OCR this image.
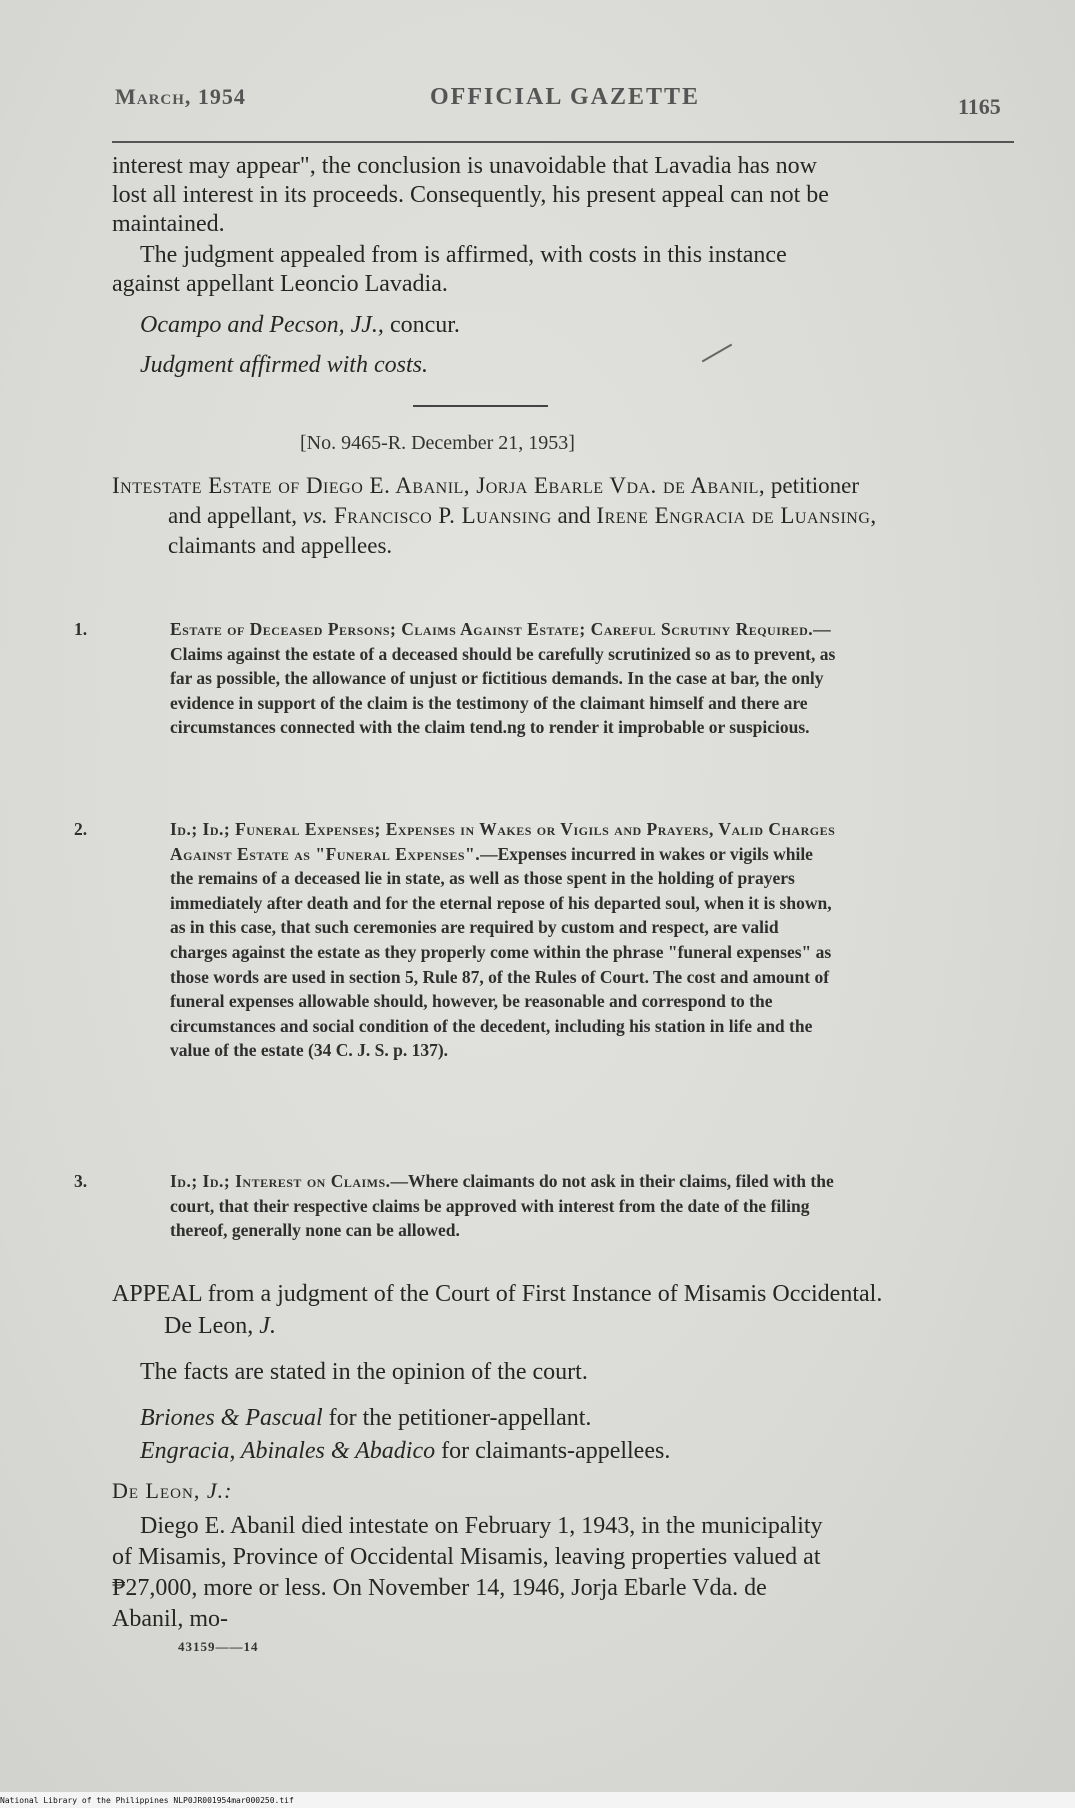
March, 1954	OFFICIAL GAZETTE	1165

interest may appear", the conclusion is unavoidable that Lavadia has now lost all interest in its proceeds. Consequently, his present appeal can not be maintained.

The judgment appealed from is affirmed, with costs in this instance against appellant Leoncio Lavadia.

Ocampo and Pecson, JJ., concur.

Judgment affirmed with costs.

[No. 9465-R. December 21, 1953]
Intestate Estate of Diego E. Abanil, Jorja Ebarle Vda. de Abanil, petitioner and appellant, vs. Francisco P. Luansing and Irene Engracia de Luansing, claimants and appellees.
1.	Estate of Deceased Persons; Claims Against Estate; Careful Scrutiny Required.—Claims against the estate of a deceased should be carefully scrutinized so as to prevent, as far as possible, the allowance of unjust or fictitious demands. In the case at bar, the only evidence in support of the claim is the testimony of the claimant himself and there are circumstances connected with the claim tend.ng to render it improbable or suspicious.
2.	Id.; Id.; Funeral Expenses; Expenses in Wakes or Vigils and Prayers, Valid Charges Against Estate as "Funeral Expenses".—Expenses incurred in wakes or vigils while the remains of a deceased lie in state, as well as those spent in the holding of prayers immediately after death and for the eternal repose of his departed soul, when it is shown, as in this case, that such ceremonies are required by custom and respect, are valid charges against the estate as they properly come within the phrase "funeral expenses" as those words are used in section 5, Rule 87, of the Rules of Court. The cost and amount of funeral expenses allowable should, however, be reasonable and correspond to the circumstances and social condition of the decedent, including his station in life and the value of the estate (34 C. J. S. p. 137).
3.	Id.; Id.; Interest on Claims.—Where claimants do not ask in their claims, filed with the court, that their respective claims be approved with interest from the date of the filing thereof, generally none can be allowed.
APPEAL from a judgment of the Court of First Instance of Misamis Occidental. De Leon, J.
The facts are stated in the opinion of the court.
Briones & Pascual for the petitioner-appellant.
Engracia, Abinales & Abadico for claimants-appellees.
De Leon, J.:

Diego E. Abanil died intestate on February 1, 1943, in the municipality of Misamis, Province of Occidental Misamis, leaving properties valued at ₱27,000, more or less. On November 14, 1946, Jorja Ebarle Vda. de Abanil, mo-

43159——14
National Library of the Philippines NLP0JR001954mar000250.tif
